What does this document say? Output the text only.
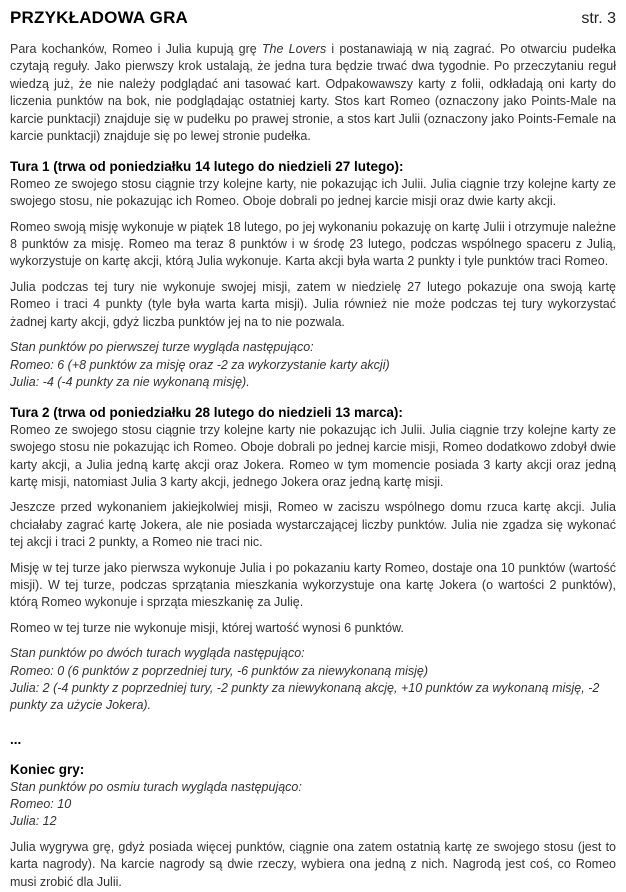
PRZYKŁADOWA GRA	str. 3

Para kochanków, Romeo i Julia kupują grę The Lovers i postanawiają w nią zagrać. Po otwarciu pudełka czytają reguły. Jako pierwszy krok ustalają, że jedna tura będzie trwać dwa tygodnie. Po przeczytaniu reguł wiedzą już, że nie należy podglądać ani tasować kart. Odpakowawszy karty z folii, odkładają oni karty do liczenia punktów na bok, nie podglądając ostatniej karty. Stos kart Romeo (oznaczony jako Points-Male na karcie punktacji) znajduje się w pudełku po prawej stronie, a stos kart Julii (oznaczony jako Points-Female na karcie punktacji) znajduje się po lewej stronie pudełka.

Tura 1 (trwa od poniedziałku 14 lutego do niedzieli 27 lutego):

Romeo ze swojego stosu ciągnie trzy kolejne karty, nie pokazując ich Julii. Julia ciągnie trzy kolejne karty ze swojego stosu, nie pokazując ich Romeo. Oboje dobrali po jednej karcie misji oraz dwie karty akcji.

Romeo swoją misję wykonuje w piątek 18 lutego, po jej wykonaniu pokazuję on kartę Julii i otrzymuje należne 8 punktów za misję. Romeo ma teraz 8 punktów i w środę 23 lutego, podczas wspólnego spaceru z Julią, wykorzystuje on kartę akcji, którą Julia wykonuje. Karta akcji była warta 2 punkty i tyle punktów traci Romeo.

Julia podczas tej tury nie wykonuje swojej misji, zatem w niedzielę 27 lutego pokazuje ona swoją kartę Romeo i traci 4 punkty (tyle była warta karta misji). Julia również nie może podczas tej tury wykorzystać żadnej karty akcji, gdyż liczba punktów jej na to nie pozwala.

Stan punktów po pierwszej turze wygląda następująco:
Romeo: 6 (+8 punktów za misję oraz -2 za wykorzystanie karty akcji)
Julia: -4 (-4 punkty za nie wykonaną misję).
Tura 2 (trwa od poniedziałku 28 lutego do niedzieli 13 marca):

Romeo ze swojego stosu ciągnie trzy kolejne karty nie pokazując ich Julii. Julia ciągnie trzy kolejne karty ze swojego stosu nie pokazując ich Romeo. Oboje dobrali po jednej karcie misji, Romeo dodatkowo zdobył dwie karty akcji, a Julia jedną kartę akcji oraz Jokera. Romeo w tym momencie posiada 3 karty akcji oraz jedną kartę misji, natomiast Julia 3 karty akcji, jednego Jokera oraz jedną kartę misji.

Jeszcze przed wykonaniem jakiejkolwiej misji, Romeo w zaciszu wspólnego domu rzuca kartę akcji. Julia chciałaby zagrać kartę Jokera, ale nie posiada wystarczającej liczby punktów. Julia nie zgadza się wykonać tej akcji i traci 2 punkty, a Romeo nie traci nic.

Misję w tej turze jako pierwsza wykonuje Julia i po pokazaniu karty Romeo, dostaje ona 10 punktów (wartość misji). W tej turze, podczas sprzątania mieszkania wykorzystuje ona kartę Jokera (o wartości 2 punktów), którą Romeo wykonuje i sprząta mieszkanię za Julię.

Romeo w tej turze nie wykonuje misji, której wartość wynosi 6 punktów.

Stan punktów po dwóch turach wygląda następująco:
Romeo: 0 (6 punktów z poprzedniej tury, -6 punktów za niewykonaną misję)
Julia: 2 (-4 punkty z poprzedniej tury, -2 punkty za niewykonaną akcję, +10 punktów za wykonaną misję, -2 punkty za użycie Jokera).
...
Koniec gry:
Stan punktów po osmiu turach wygląda następująco:
Romeo: 10
Julia: 12

Julia wygrywa grę, gdyż posiada więcej punktów, ciągnie ona zatem ostatnią kartę ze swojego stosu (jest to karta nagrody). Na karcie nagrody są dwie rzeczy, wybiera ona jedną z nich. Nagrodą jest coś, co Romeo musi zrobić dla Julii.
